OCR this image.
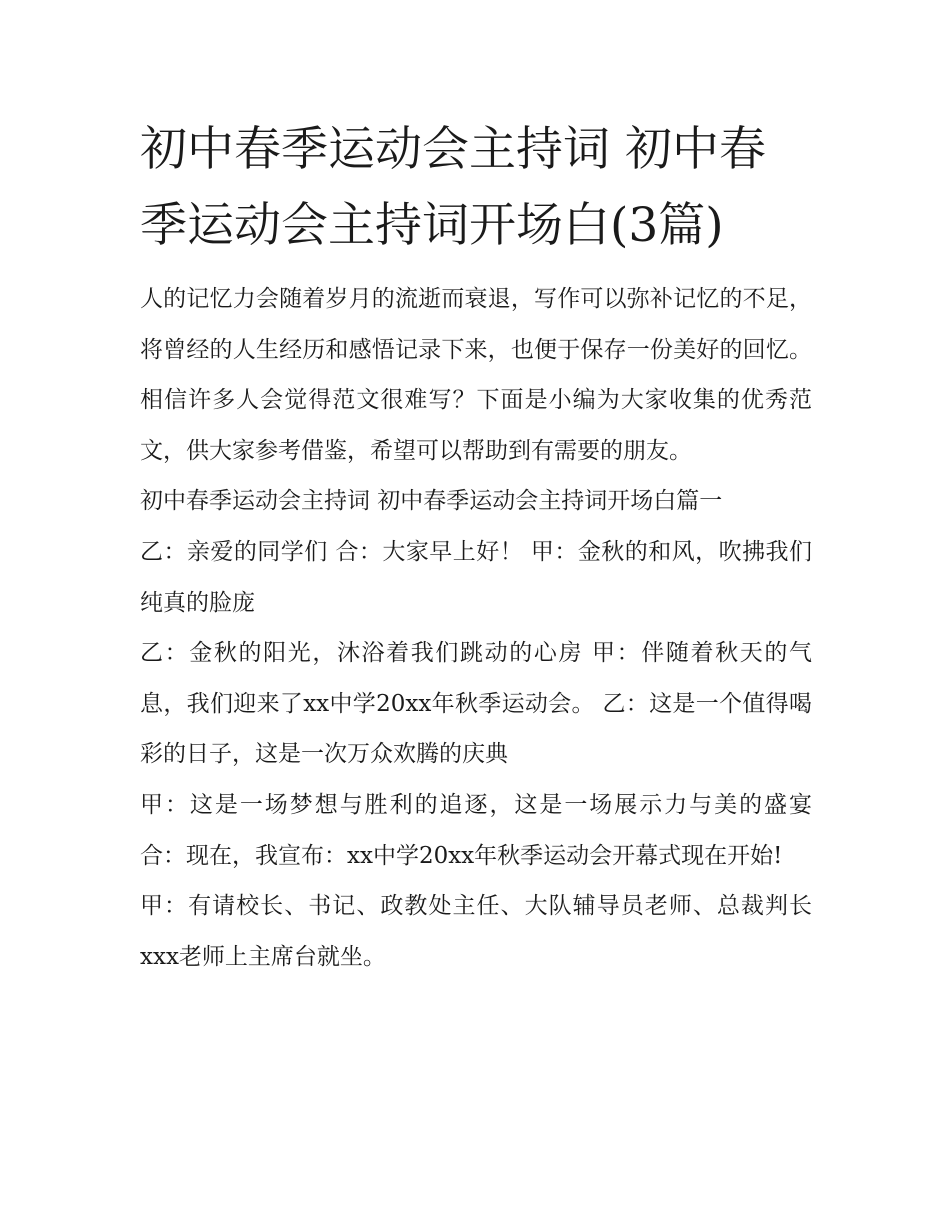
初中春季运动会主持词 初中春季运动会主持词开场白(3篇)

人的记忆力会随着岁月的流逝而衰退，写作可以弥补记忆的不足，将曾经的人生经历和感悟记录下来，也便于保存一份美好的回忆。相信许多人会觉得范文很难写？下面是小编为大家收集的优秀范文，供大家参考借鉴，希望可以帮助到有需要的朋友。

初中春季运动会主持词 初中春季运动会主持词开场白篇一

乙：亲爱的同学们 合：大家早上好！ 甲：金秋的和风，吹拂我们纯真的脸庞

乙：金秋的阳光，沐浴着我们跳动的心房 甲：伴随着秋天的气息，我们迎来了xx中学20xx年秋季运动会。 乙：这是一个值得喝彩的日子，这是一次万众欢腾的庆典

甲：这是一场梦想与胜利的追逐，这是一场展示力与美的盛宴 合：现在，我宣布：xx中学20xx年秋季运动会开幕式现在开始!

甲：有请校长、书记、政教处主任、大队辅导员老师、总裁判长xxx老师上主席台就坐。
